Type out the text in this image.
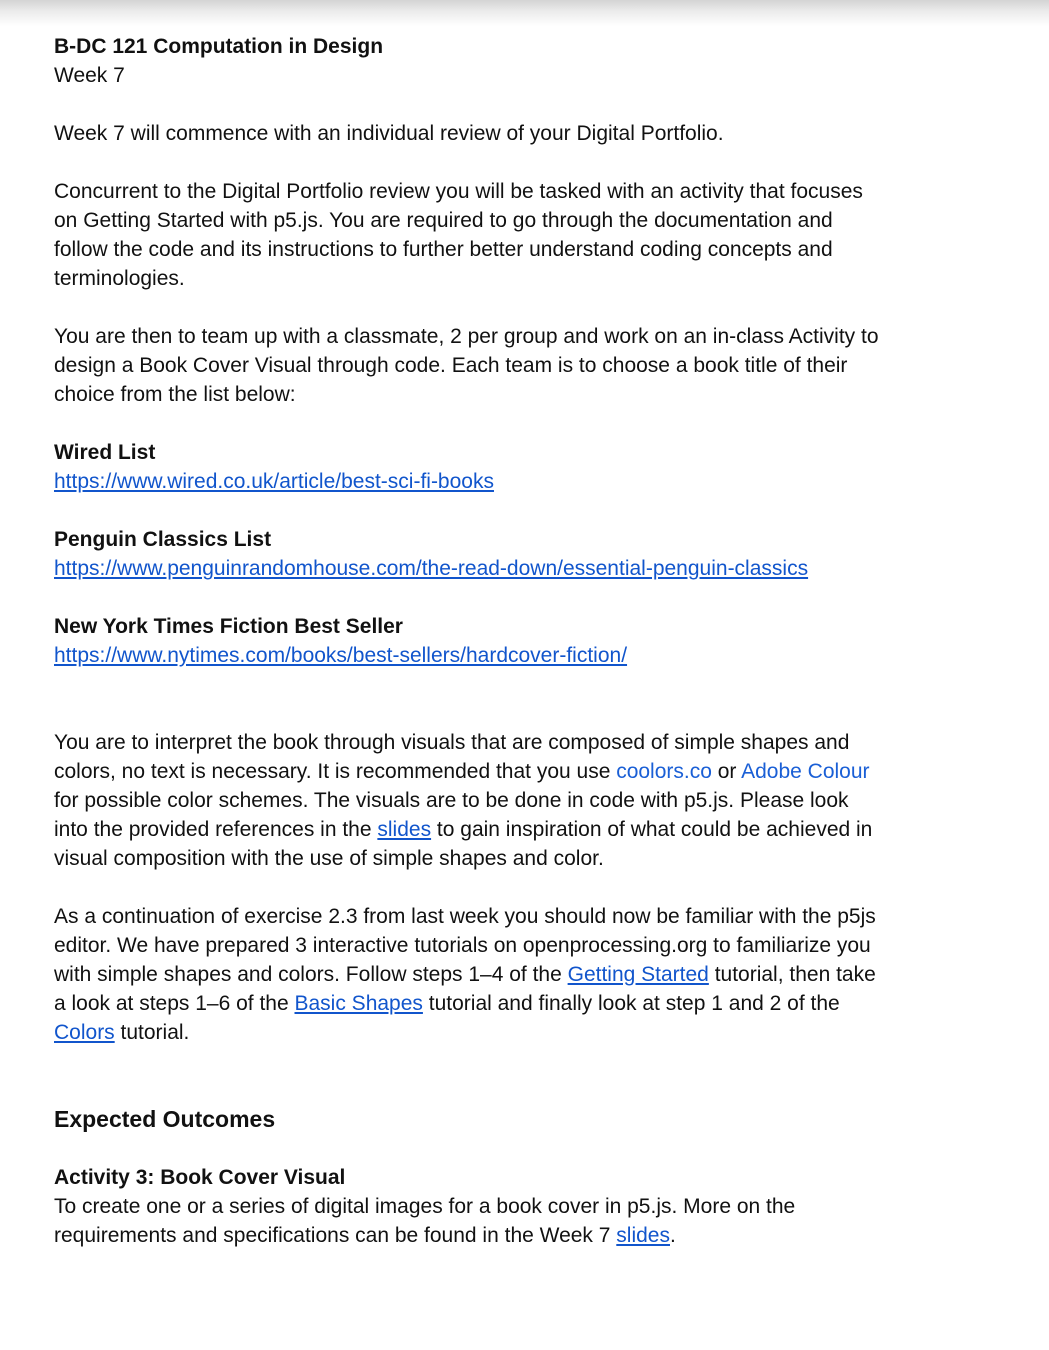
B-DC 121 Computation in Design

Week 7

Week 7 will commence with an individual review of your Digital Portfolio.

Concurrent to the Digital Portfolio review you will be tasked with an activity that focuses on Getting Started with p5.js. You are required to go through the documentation and follow the code and its instructions to further better understand coding concepts and terminologies.

You are then to team up with a classmate, 2 per group and work on an in-class Activity to design a Book Cover Visual through code. Each team is to choose a book title of their choice from the list below:

Wired List

https://www.wired.co.uk/article/best-sci-fi-books

Penguin Classics List

https://www.penguinrandomhouse.com/the-read-down/essential-penguin-classics

New York Times Fiction Best Seller

https://www.nytimes.com/books/best-sellers/hardcover-fiction/

You are to interpret the book through visuals that are composed of simple shapes and colors, no text is necessary. It is recommended that you use coolors.co or Adobe Colour for possible color schemes. The visuals are to be done in code with p5.js. Please look into the provided references in the slides to gain inspiration of what could be achieved in visual composition with the use of simple shapes and color.

As a continuation of exercise 2.3 from last week you should now be familiar with the p5js editor. We have prepared 3 interactive tutorials on openprocessing.org to familiarize you with simple shapes and colors. Follow steps 1–4 of the Getting Started tutorial, then take a look at steps 1–6 of the Basic Shapes tutorial and finally look at step 1 and 2 of the Colors tutorial.

Expected Outcomes

Activity 3: Book Cover Visual

To create one or a series of digital images for a book cover in p5.js. More on the requirements and specifications can be found in the Week 7 slides.
